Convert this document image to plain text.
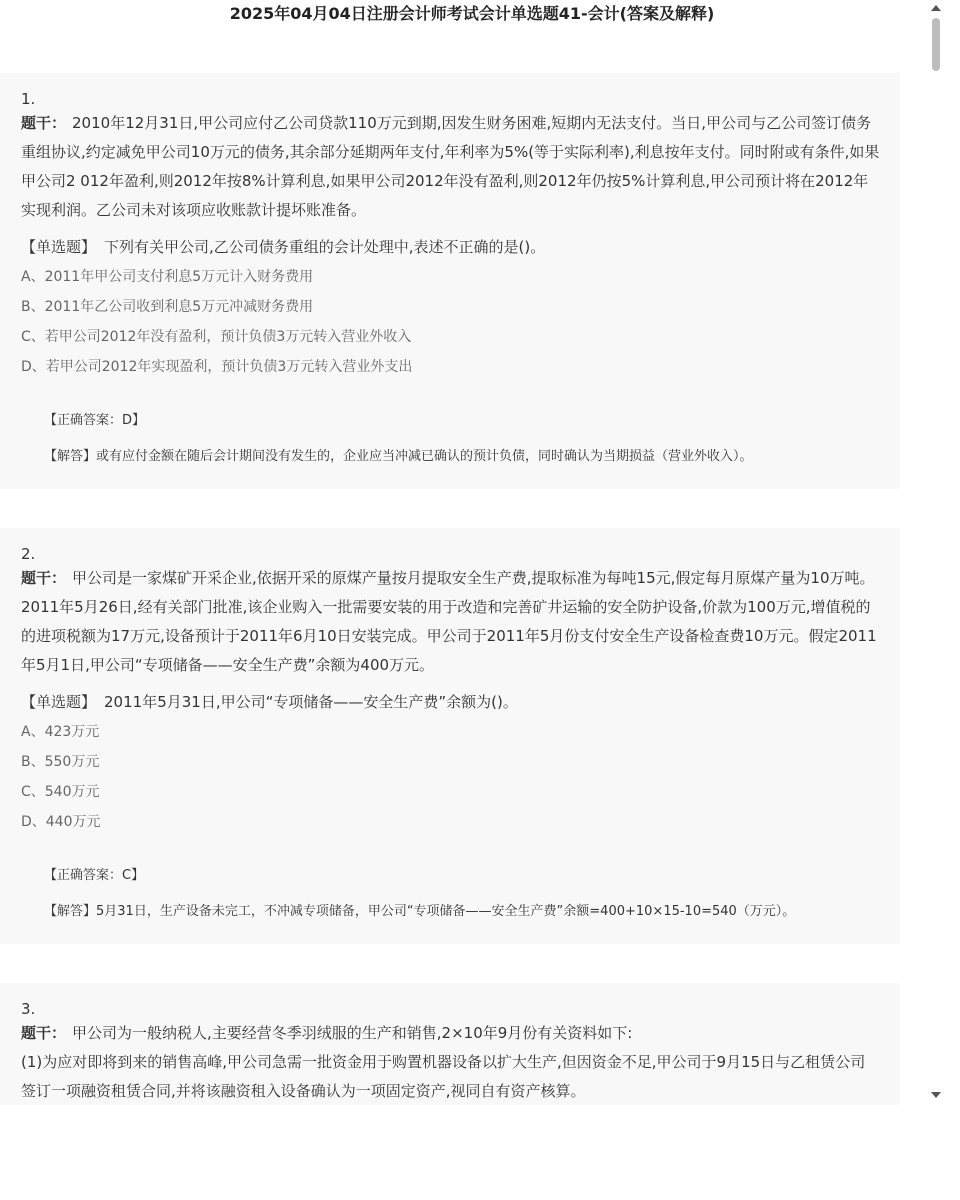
2025年04月04日注册会计师考试会计单选题41-会计(答案及解释)
1.

题干： 2010年12月31日,甲公司应付乙公司贷款110万元到期,因发生财务困难,短期内无法支付。当日,甲公司与乙公司签订债务重组协议,约定减免甲公司10万元的债务,其余部分延期两年支付,年利率为5%(等于实际利率),利息按年支付。同时附或有条件,如果甲公司2 012年盈利,则2012年按8%计算利息,如果甲公司2012年没有盈利,则2012年仍按5%计算利息,甲公司预计将在2012年实现利润。乙公司未对该项应收账款计提坏账准备。

【单选题】 下列有关甲公司,乙公司债务重组的会计处理中,表述不正确的是()。
A、2011年甲公司支付利息5万元计入财务费用
B、2011年乙公司收到利息5万元冲减财务费用
C、若甲公司2012年没有盈利，预计负债3万元转入营业外收入
D、若甲公司2012年实现盈利，预计负债3万元转入营业外支出
【正确答案：D】
【解答】或有应付金额在随后会计期间没有发生的，企业应当冲减已确认的预计负债，同时确认为当期损益（营业外收入）。
2.

题干： 甲公司是一家煤矿开采企业,依据开采的原煤产量按月提取安全生产费,提取标准为每吨15元,假定每月原煤产量为10万吨。2011年5月26日,经有关部门批准,该企业购入一批需要安装的用于改造和完善矿井运输的安全防护设备,价款为100万元,增值税的的进项税额为17万元,设备预计于2011年6月10日安装完成。甲公司于2011年5月份支付安全生产设备检查费10万元。假定2011年5月1日,甲公司“专项储备——安全生产费”余额为400万元。

【单选题】 2011年5月31日,甲公司“专项储备——安全生产费”余额为()。
A、423万元
B、550万元
C、540万元
D、440万元
【正确答案：C】
【解答】5月31日，生产设备未完工，不冲减专项储备，甲公司“专项储备——安全生产费”余额=400+10×15-10=540（万元）。
3.

题干： 甲公司为一般纳税人,主要经营冬季羽绒服的生产和销售,2×10年9月份有关资料如下:

(1)为应对即将到来的销售高峰,甲公司急需一批资金用于购置机器设备以扩大生产,但因资金不足,甲公司于9月15日与乙租赁公司签订一项融资租赁合同,并将该融资租入设备确认为一项固定资产,视同自有资产核算。
